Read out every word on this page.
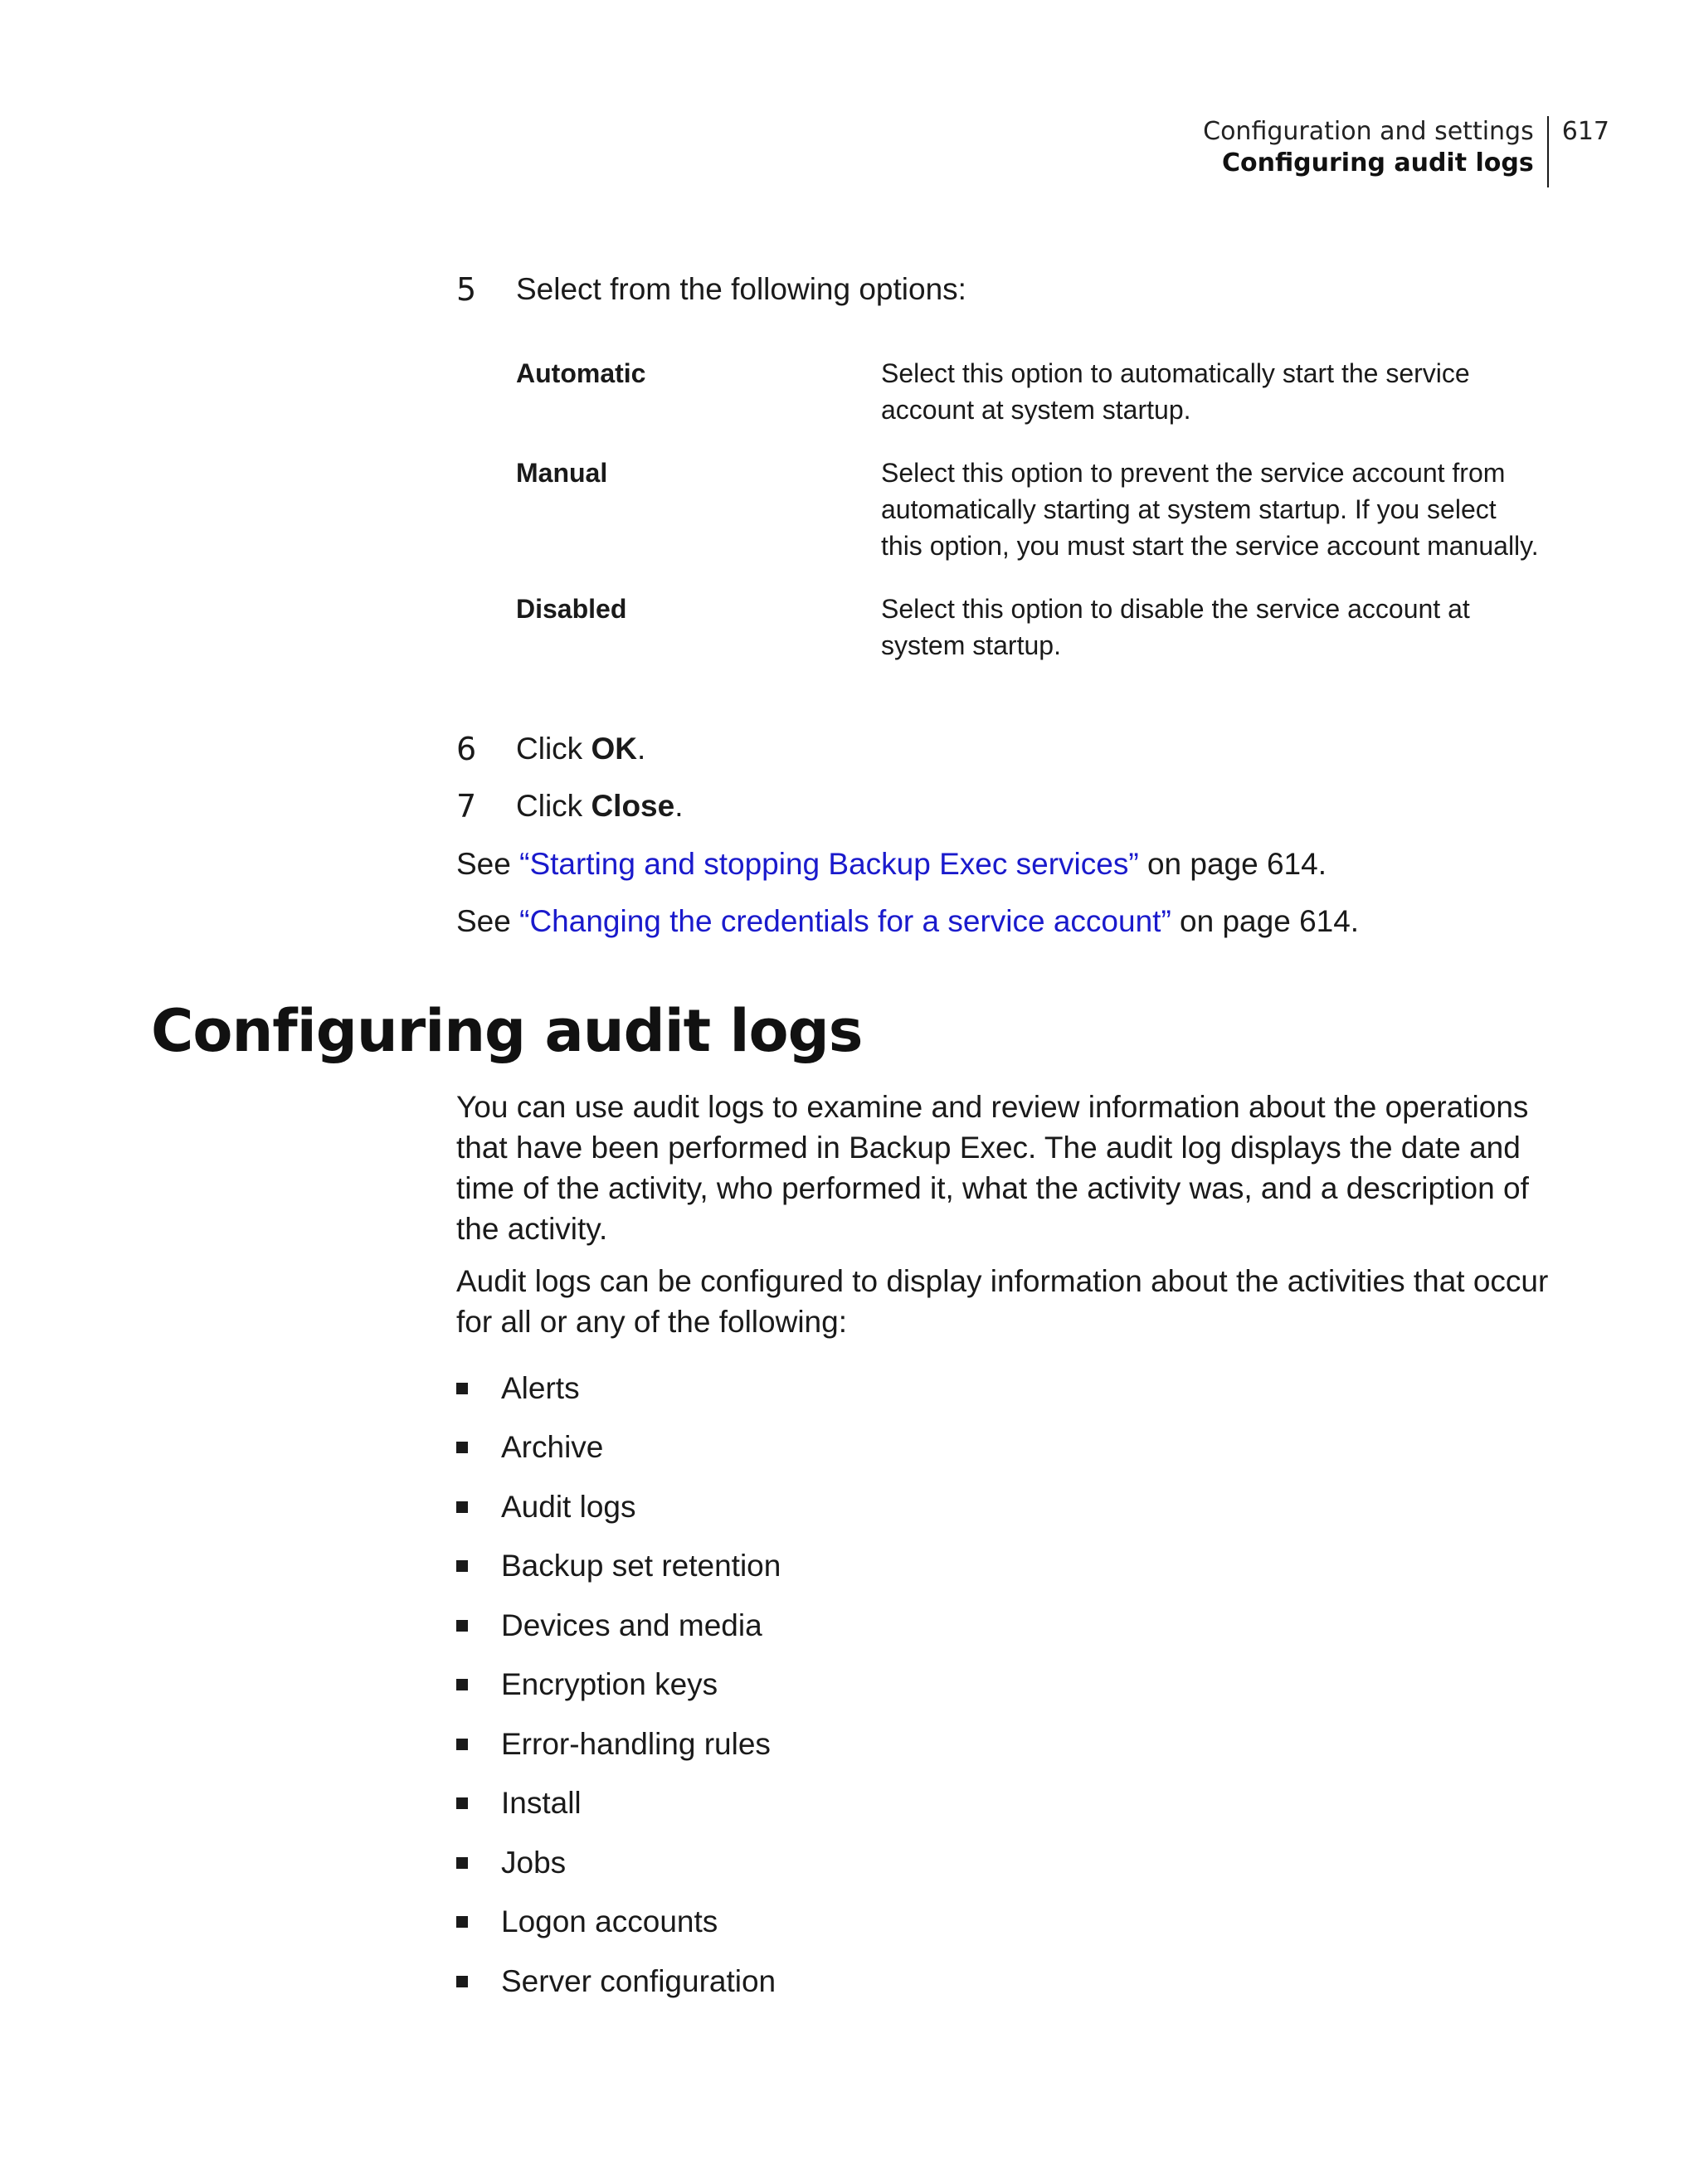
Configuration and settings
Configuring audit logs
617
5	Select from the following options:
Automatic	Select this option to automatically start the service account at system startup.
Manual	Select this option to prevent the service account from automatically starting at system startup. If you select this option, you must start the service account manually.
Disabled	Select this option to disable the service account at system startup.
6	Click OK.
7	Click Close.
See “Starting and stopping Backup Exec services” on page 614.
See “Changing the credentials for a service account” on page 614.
Configuring audit logs

You can use audit logs to examine and review information about the operations that have been performed in Backup Exec. The audit log displays the date and time of the activity, who performed it, what the activity was, and a description of the activity.

Audit logs can be configured to display information about the activities that occur for all or any of the following:

Alerts
Archive
Audit logs
Backup set retention
Devices and media
Encryption keys
Error-handling rules
Install
Jobs
Logon accounts
Server configuration
